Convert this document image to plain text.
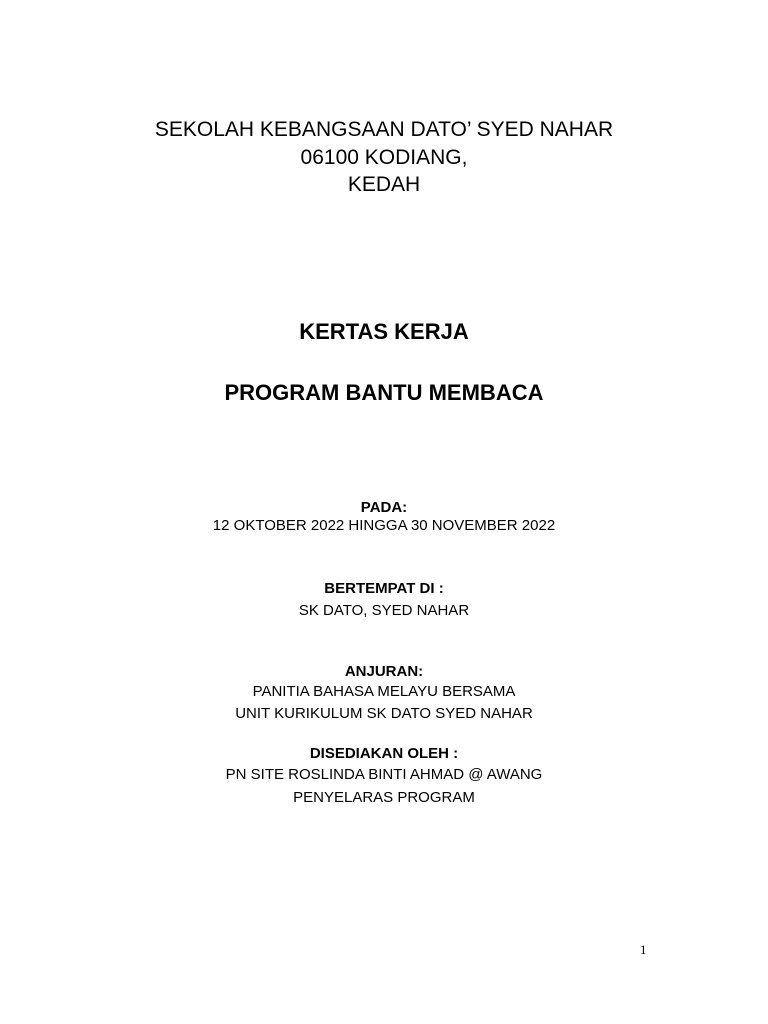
SEKOLAH KEBANGSAAN DATO’ SYED NAHAR

06100 KODIANG,

KEDAH

KERTAS KERJA
PROGRAM BANTU MEMBACA

PADA:

12 OKTOBER 2022 HINGGA 30 NOVEMBER 2022

BERTEMPAT DI :

SK DATO, SYED NAHAR

ANJURAN:

PANITIA BAHASA MELAYU BERSAMA

UNIT KURIKULUM SK DATO SYED NAHAR

DISEDIAKAN OLEH :

PN SITE ROSLINDA BINTI AHMAD @ AWANG

PENYELARAS PROGRAM

1
